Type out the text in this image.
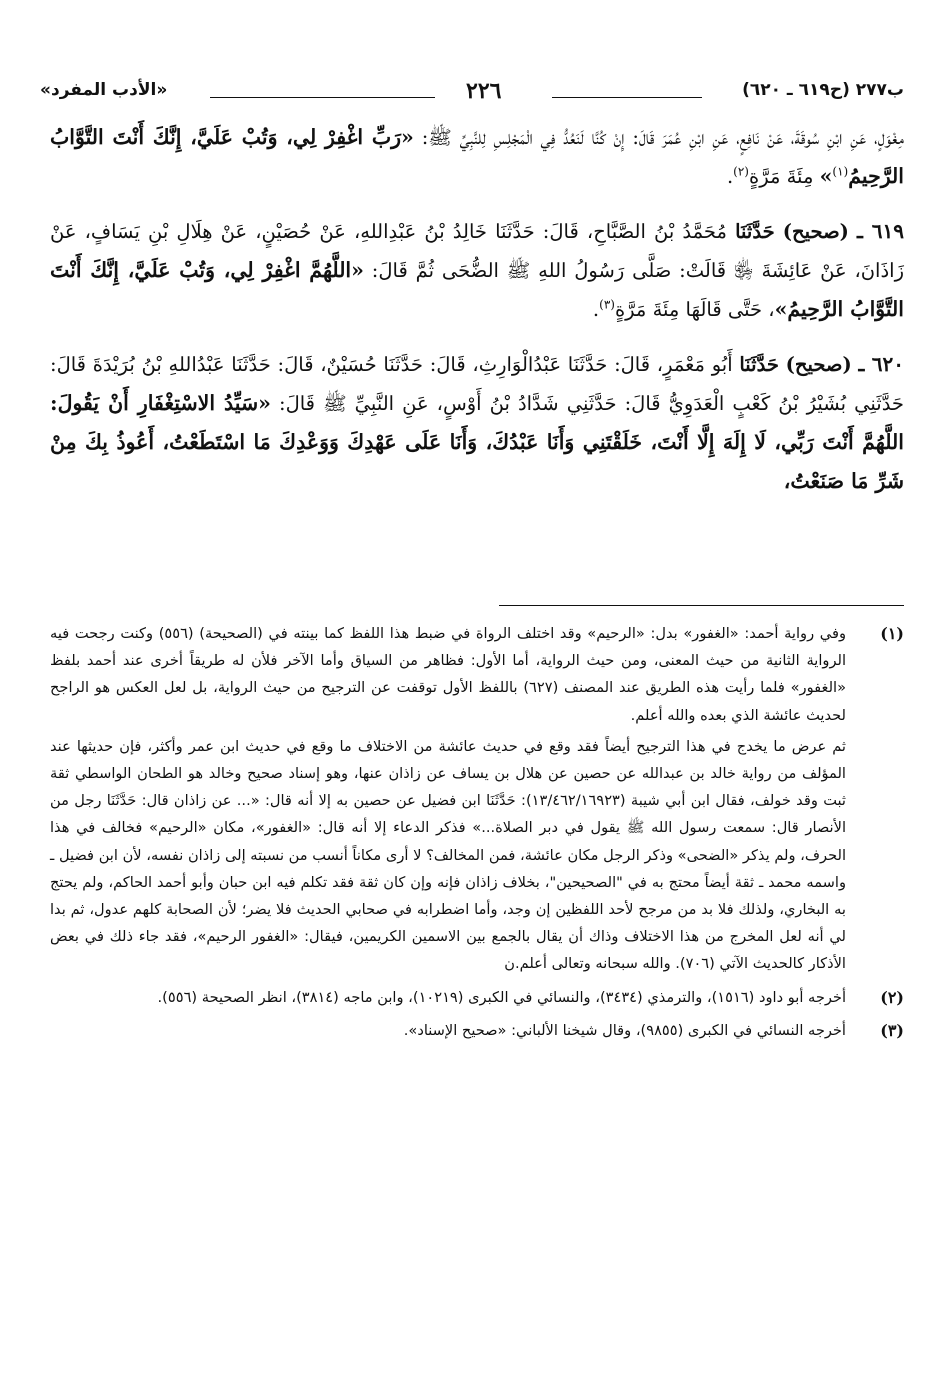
«الأدب المفرد»	٢٢٦	ب٢٧٧ (ح٦١٩ ـ ٦٢٠)

مِغْوَلٍ، عَنِ ابْنِ سُوقَةَ، عَنْ نَافِعٍ، عَنِ ابْنِ عُمَرَ قَالَ: إِنْ كُنَّا لَنَعُدُّ فِي الْمَجْلِسِ لِلنَّبِيِّ ﷺ: «رَبِّ اغْفِرْ لِي، وَتُبْ عَلَيَّ، إِنَّكَ أَنْتَ التَّوَّابُ الرَّحِيمُ$^{(١)}$» مِئَةَ مَرَّةٍ$^{(٢)}$.

٦١٩ ـ (صحيح) حَدَّثَنَا مُحَمَّدُ بْنُ الصَّبَّاحِ، قَالَ: حَدَّثَنَا خَالِدُ بْنُ عَبْدِاللهِ، عَنْ حُصَيْنٍ، عَنْ هِلَالِ بْنِ يَسَافٍ، عَنْ زَاذَانَ، عَنْ عَائِشَةَ ﵂ قَالَتْ: صَلَّى رَسُولُ اللهِ ﷺ الضُّحَى ثُمَّ قَالَ: «اللَّهُمَّ اغْفِرْ لِي، وَتُبْ عَلَيَّ، إِنَّكَ أَنْتَ التَّوَّابُ الرَّحِيمُ»، حَتَّى قَالَهَا مِئَةَ مَرَّةٍ$^{(٣)}$.

٦٢٠ ـ (صحيح) حَدَّثَنَا أَبُو مَعْمَرٍ، قَالَ: حَدَّثَنَا عَبْدُالْوَارِثِ، قَالَ: حَدَّثَنَا حُسَيْنٌ، قَالَ: حَدَّثَنَا عَبْدُاللهِ بْنُ بُرَيْدَةَ قَالَ: حَدَّثَنِي بُشَيْرُ بْنُ كَعْبٍ الْعَدَوِيُّ قَالَ: حَدَّثَنِي شَدَّادُ بْنُ أَوْسٍ، عَنِ النَّبِيِّ ﷺ قَالَ: «سَيِّدُ الاسْتِغْفَارِ أَنْ يَقُولَ: اللَّهُمَّ أَنْتَ رَبِّي، لَا إِلَهَ إِلَّا أَنْتَ، خَلَقْتَنِي وَأَنَا عَبْدُكَ، وَأَنَا عَلَى عَهْدِكَ وَوَعْدِكَ مَا اسْتَطَعْتُ، أَعُوذُ بِكَ مِنْ شَرِّ مَا صَنَعْتُ،

(١)

وفي رواية أحمد: «الغفور» بدل: «الرحيم» وقد اختلف الرواة في ضبط هذا اللفظ كما بينته في (الصحيحة) (٥٥٦) وكنت رجحت فيه الرواية الثانية من حيث المعنى، ومن حيث الرواية، أما الأول: فظاهر من السياق وأما الآخر فلأن له طريقاً أخرى عند أحمد بلفظ «الغفور» فلما رأيت هذه الطريق عند المصنف (٦٢٧) باللفظ الأول توقفت عن الترجيح من حيث الرواية، بل لعل العكس هو الراجح لحديث عائشة الذي بعده والله أعلم.

ثم عرض ما يخدج في هذا الترجيح أيضاً فقد وقع في حديث عائشة من الاختلاف ما وقع في حديث ابن عمر وأكثر، فإن حديثها عند المؤلف من رواية خالد بن عبدالله عن حصين عن هلال بن يساف عن زاذان عنها، وهو إسناد صحيح وخالد هو الطحان الواسطي ثقة ثبت وقد خولف، فقال ابن أبي شيبة (١٣/٤٦٢/١٦٩٢٣): حَدَّثَنَا ابن فضيل عن حصين به إلا أنه قال: «... عن زاذان قال: حَدَّثَنَا رجل من الأنصار قال: سمعت رسول الله ﷺ يقول في دبر الصلاة...» فذكر الدعاء إلا أنه قال: «الغفور»، مكان «الرحيم» فخالف في هذا الحرف، ولم يذكر «الضحى» وذكر الرجل مكان عائشة، فمن المخالف؟ لا أرى مكاناً أنسب من نسبته إلى زاذان نفسه، لأن ابن فضيل ـ واسمه محمد ـ ثقة أيضاً محتج به في "الصحيحين"، بخلاف زاذان فإنه وإن كان ثقة فقد تكلم فيه ابن حبان وأبو أحمد الحاكم، ولم يحتج به البخاري، ولذلك فلا بد من مرجح لأحد اللفظين إن وجد، وأما اضطرابه في صحابي الحديث فلا يضر؛ لأن الصحابة كلهم عدول، ثم بدا لي أنه لعل المخرج من هذا الاختلاف وذاك أن يقال بالجمع بين الاسمين الكريمين، فيقال: «الغفور الرحيم»، فقد جاء ذلك في بعض الأذكار كالحديث الآتي (٧٠٦). والله سبحانه وتعالى أعلم.ن

(٢)

أخرجه أبو داود (١٥١٦)، والترمذي (٣٤٣٤)، والنسائي في الكبرى (١٠٢١٩)، وابن ماجه (٣٨١٤)، انظر الصحيحة (٥٥٦).

(٣)

أخرجه النسائي في الكبرى (٩٨٥٥)، وقال شيخنا الألباني: «صحيح الإسناد».
